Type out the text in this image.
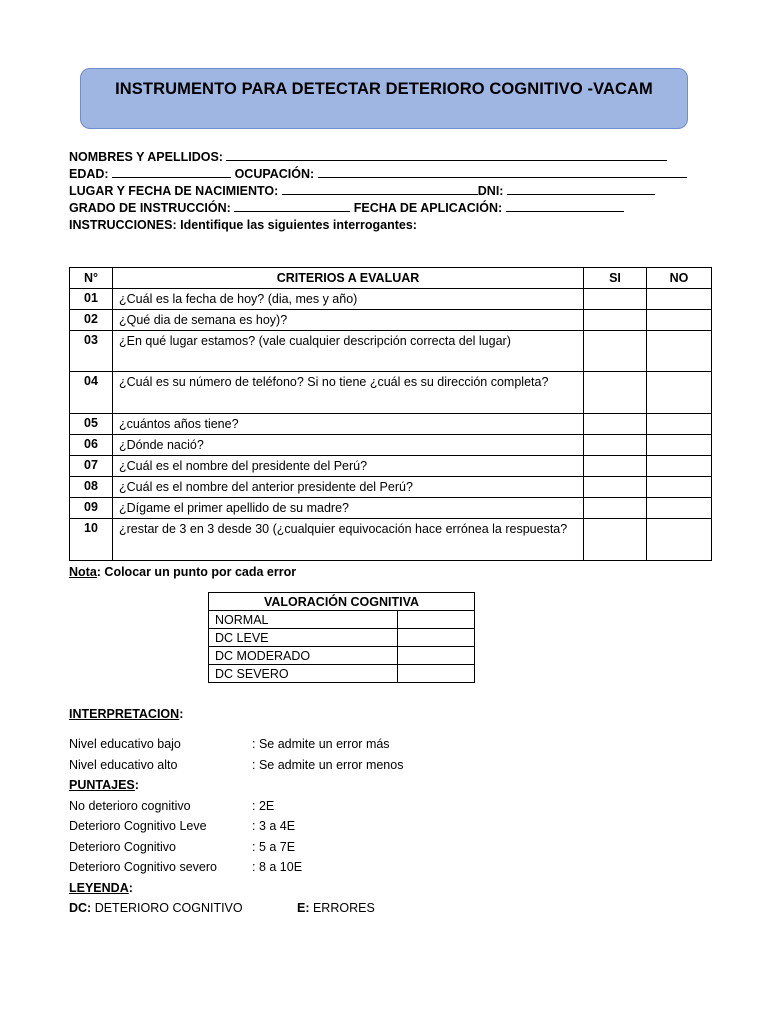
INSTRUMENTO PARA DETECTAR DETERIORO COGNITIVO -VACAM
NOMBRES Y APELLIDOS:
EDAD:	OCUPACIÓN:
LUGAR Y FECHA DE NACIMIENTO:	DNI:
GRADO DE INSTRUCCIÓN:	FECHA DE APLICACIÓN:
INSTRUCCIONES: Identifique las siguientes interrogantes:
N°	CRITERIOS A EVALUAR	SI	NO
01	¿Cuál es la fecha de hoy? (dia, mes y año)		
02	¿Qué dia de semana es hoy)?		
03	¿En qué lugar estamos? (vale cualquier descripción correcta del lugar)		
04	¿Cuál es su número de teléfono? Si no tiene ¿cuál es su dirección completa?		
05	¿cuántos años tiene?		
06	¿Dónde nació?		
07	¿Cuál es el nombre del presidente del Perú?		
08	¿Cuál es el nombre del anterior presidente del Perú?		
09	¿Dígame el primer apellido de su madre?		
10	¿restar de 3 en 3 desde 30 (¿cualquier equivocación hace errónea la respuesta?		
Nota: Colocar un punto por cada error
VALORACIÓN COGNITIVA	
NORMAL	
DC LEVE	
DC MODERADO	
DC SEVERO	
INTERPRETACION:
Nivel educativo bajo	: Se admite un error más
Nivel educativo alto	: Se admite un error menos
PUNTAJES :
No deterioro cognitivo	: 2E
Deterioro Cognitivo Leve	: 3 a 4E
Deterioro Cognitivo	: 5 a 7E
Deterioro Cognitivo severo	: 8 a 10E
LEYENDA :
DC: DETERIORO COGNITIVO	E: ERRORES
